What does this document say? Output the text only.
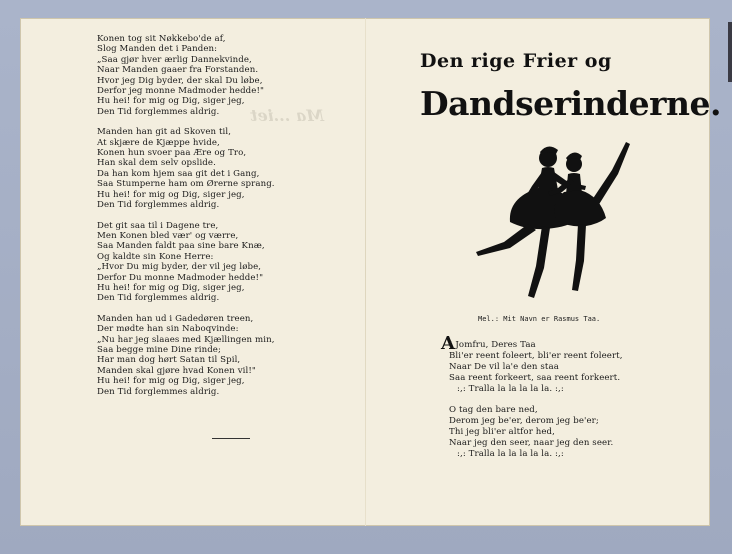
Ma ...iet
Konen tog sit Nøkkebo'de af,
Slog Manden det i Panden:
„Saa gjør hver ærlig Dannekvinde,
Naar Manden gaaer fra Forstanden.
Hvor jeg Dig byder, der skal Du løbe,
Derfor jeg monne Madmoder hedde!"
Hu hei! for mig og Dig, siger jeg,
Den Tid forglemmes aldrig.
Manden han git ad Skoven til,
At skjære de Kjæppe hvide,
Konen hun svoer paa Ære og Tro,
Han skal dem selv opslide.
Da han kom hjem saa git det i Gang,
Saa Stumperne ham om Ørerne sprang.
Hu hei! for mig og Dig, siger jeg,
Den Tid forglemmes aldrig.
Det git saa til i Dagene tre,
Men Konen bled vær' og værre,
Saa Manden faldt paa sine bare Knæ,
Og kaldte sin Kone Herre:
„Hvor Du mig byder, der vil jeg løbe,
Derfor Du monne Madmoder hedde!"
Hu hei! for mig og Dig, siger jeg,
Den Tid forglemmes aldrig.
Manden han ud i Gadedøren treen,
Der mødte han sin Naboqvinde:
„Nu har jeg slaaes med Kjællingen min,
Saa begge mine Dine rinde;
Har man dog hørt Satan til Spil,
Manden skal gjøre hvad Konen vil!"
Hu hei! for mig og Dig, siger jeg,
Den Tid forglemmes aldrig.
Den rige Frier og
Dandserinderne.
Mel.: Mit Navn er Rasmus Taa.
A
! Jomfru, Deres Taa
Bli'er reent foleert, bli'er reent foleert,
Naar De vil la'e den staa
Saa reent forkeert, saa reent forkeert.
:,: Tralla la la la la la. :,:
O tag den bare ned,
Derom jeg be'er, derom jeg be'er;
Thi jeg bli'er altfor hed,
Naar jeg den seer, naar jeg den seer.
:,: Tralla la la la la la. :,:
